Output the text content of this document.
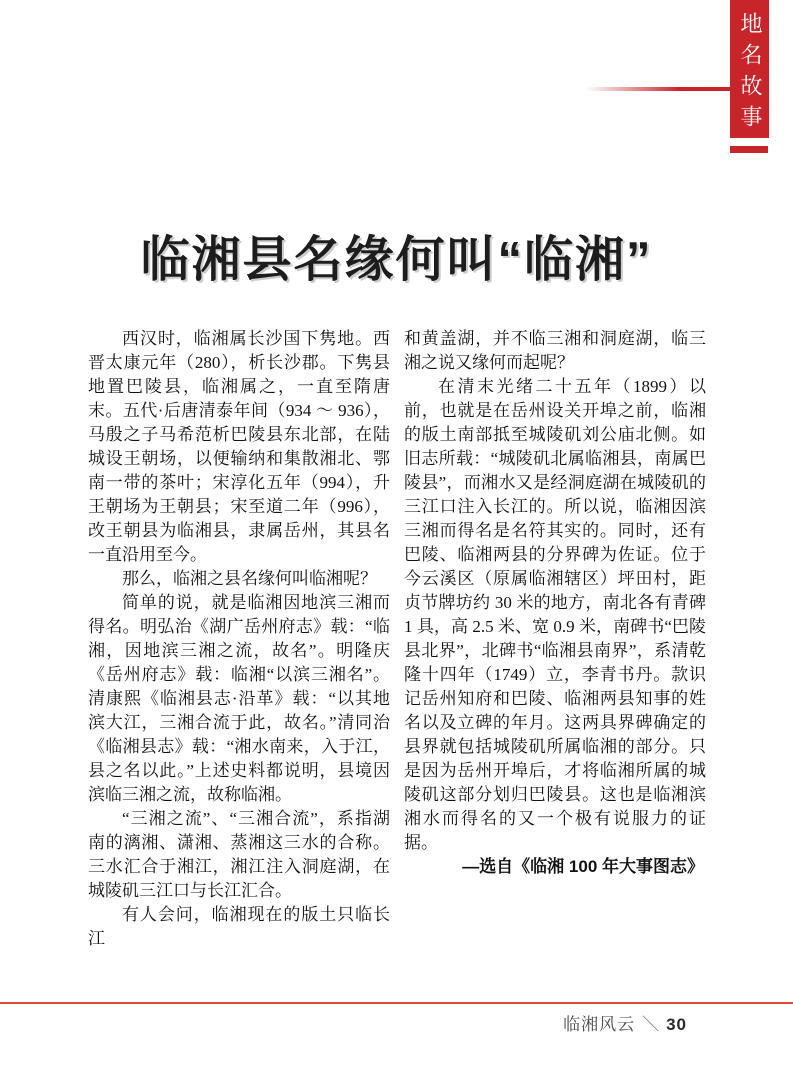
地名故事
临湘县名缘何叫“临湘”

西汉时，临湘属长沙国下隽地。西晋太康元年（280），析长沙郡。下隽县地置巴陵县，临湘属之，一直至隋唐末。五代·后唐清泰年间（934 ～ 936），马殷之子马希范析巴陵县东北部，在陆城设王朝场，以便输纳和集散湘北、鄂南一带的茶叶；宋淳化五年（994），升王朝场为王朝县；宋至道二年（996），改王朝县为临湘县，隶属岳州，其县名一直沿用至今。

那么，临湘之县名缘何叫临湘呢？

简单的说，就是临湘因地滨三湘而得名。明弘治《湖广岳州府志》载：“临湘，因地滨三湘之流，故名”。明隆庆《岳州府志》载：临湘“以滨三湘名”。清康熙《临湘县志·沿革》载：“以其地滨大江，三湘合流于此，故名。”清同治《临湘县志》载：“湘水南来，入于江，县之名以此。”上述史料都说明，县境因滨临三湘之流，故称临湘。

“三湘之流”、“三湘合流”，系指湖南的漓湘、潇湘、蒸湘这三水的合称。三水汇合于湘江，湘江注入洞庭湖，在城陵矶三江口与长江汇合。

有人会问，临湘现在的版土只临长江

和黄盖湖，并不临三湘和洞庭湖，临三湘之说又缘何而起呢？

在清末光绪二十五年（1899）以前，也就是在岳州设关开埠之前，临湘的版土南部抵至城陵矶刘公庙北侧。如旧志所载：“城陵矶北属临湘县，南属巴陵县”，而湘水又是经洞庭湖在城陵矶的三江口注入长江的。所以说，临湘因滨三湘而得名是名符其实的。同时，还有巴陵、临湘两县的分界碑为佐证。位于今云溪区（原属临湘辖区）坪田村，距贞节牌坊约 30 米的地方，南北各有青碑 1 具，高 2.5 米、宽 0.9 米，南碑书“巴陵县北界”，北碑书“临湘县南界”，系清乾隆十四年（1749）立，李青书丹。款识记岳州知府和巴陵、临湘两县知事的姓名以及立碑的年月。这两具界碑确定的县界就包括城陵矶所属临湘的部分。只是因为岳州开埠后，才将临湘所属的城陵矶这部分划归巴陵县。这也是临湘滨湘水而得名的又一个极有说服力的证据。

—选自《临湘 100 年大事图志》

临湘风云 ＼ 30
